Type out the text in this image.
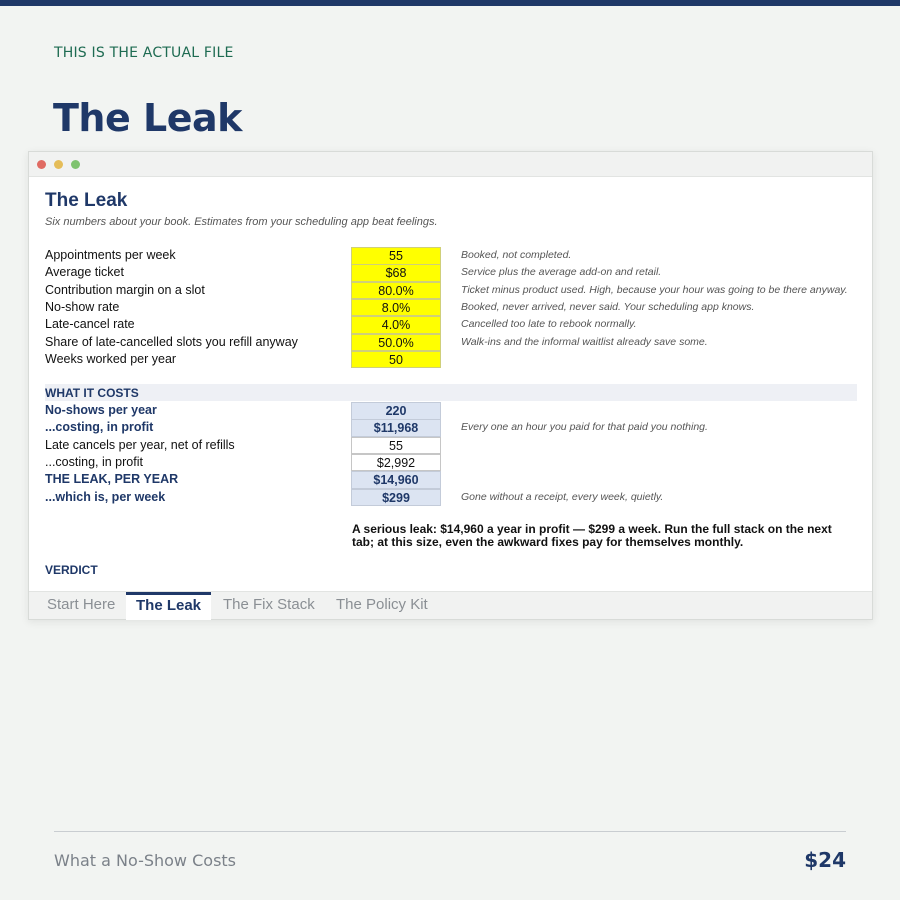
THIS IS THE ACTUAL FILE
The Leak
The Leak
Six numbers about your book. Estimates from your scheduling app beat feelings.
Appointments per week	55	Booked, not completed.
Average ticket	$68	Service plus the average add-on and retail.
Contribution margin on a slot	80.0%	Ticket minus product used. High, because your hour was going to be there anyway.
No-show rate	8.0%	Booked, never arrived, never said. Your scheduling app knows.
Late-cancel rate	4.0%	Cancelled too late to rebook normally.
Share of late-cancelled slots you refill anyway	50.0%	Walk-ins and the informal waitlist already save some.
Weeks worked per year	50
WHAT IT COSTS
No-shows per year	220
...costing, in profit	$11,968	Every one an hour you paid for that paid you nothing.
Late cancels per year, net of refills	55
...costing, in profit	$2,992
THE LEAK, PER YEAR	$14,960
...which is, per week	$299	Gone without a receipt, every week, quietly.
A serious leak: $14,960 a year in profit — $299 a week. Run the full stack on the next tab; at this size, even the awkward fixes pay for themselves monthly.
VERDICT
Start Here	The Leak	The Fix Stack	The Policy Kit
What a No-Show Costs	$24
